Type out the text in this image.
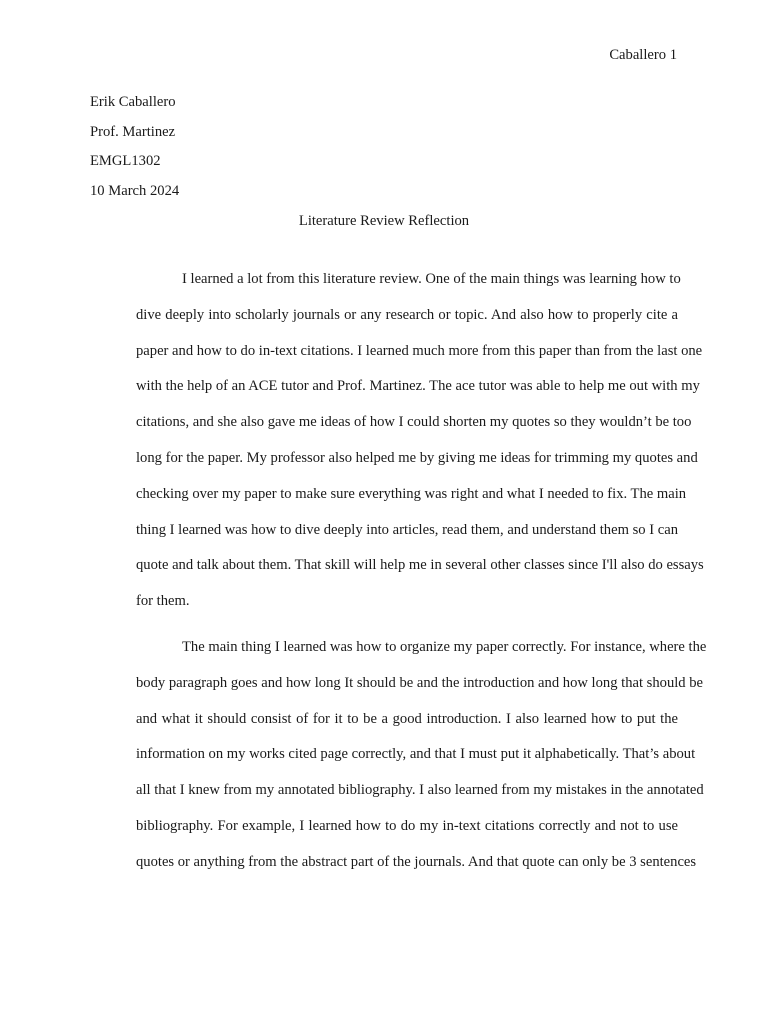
Caballero 1
Erik Caballero
Prof. Martinez
EMGL1302
10 March 2024
Literature Review Reflection
I learned a lot from this literature review. One of the main things was learning how to
dive deeply into scholarly journals or any research or topic. And also how to properly cite a
paper and how to do in-text citations. I learned much more from this paper than from the last one
with the help of an ACE tutor and Prof. Martinez. The ace tutor was able to help me out with my
citations, and she also gave me ideas of how I could shorten my quotes so they wouldn’t be too
long for the paper. My professor also helped me by giving me ideas for trimming my quotes and
checking over my paper to make sure everything was right and what I needed to fix. The main
thing I learned was how to dive deeply into articles, read them, and understand them so I can
quote and talk about them. That skill will help me in several other classes since I'll also do essays
for them.
The main thing I learned was how to organize my paper correctly. For instance, where the
body paragraph goes and how long It should be and the introduction and how long that should be
and what it should consist of for it to be a good introduction. I also learned how to put the
information on my works cited page correctly, and that I must put it alphabetically. That’s about
all that I knew from my annotated bibliography. I also learned from my mistakes in the annotated
bibliography. For example, I learned how to do my in-text citations correctly and not to use
quotes or anything from the abstract part of the journals. And that quote can only be 3 sentences
